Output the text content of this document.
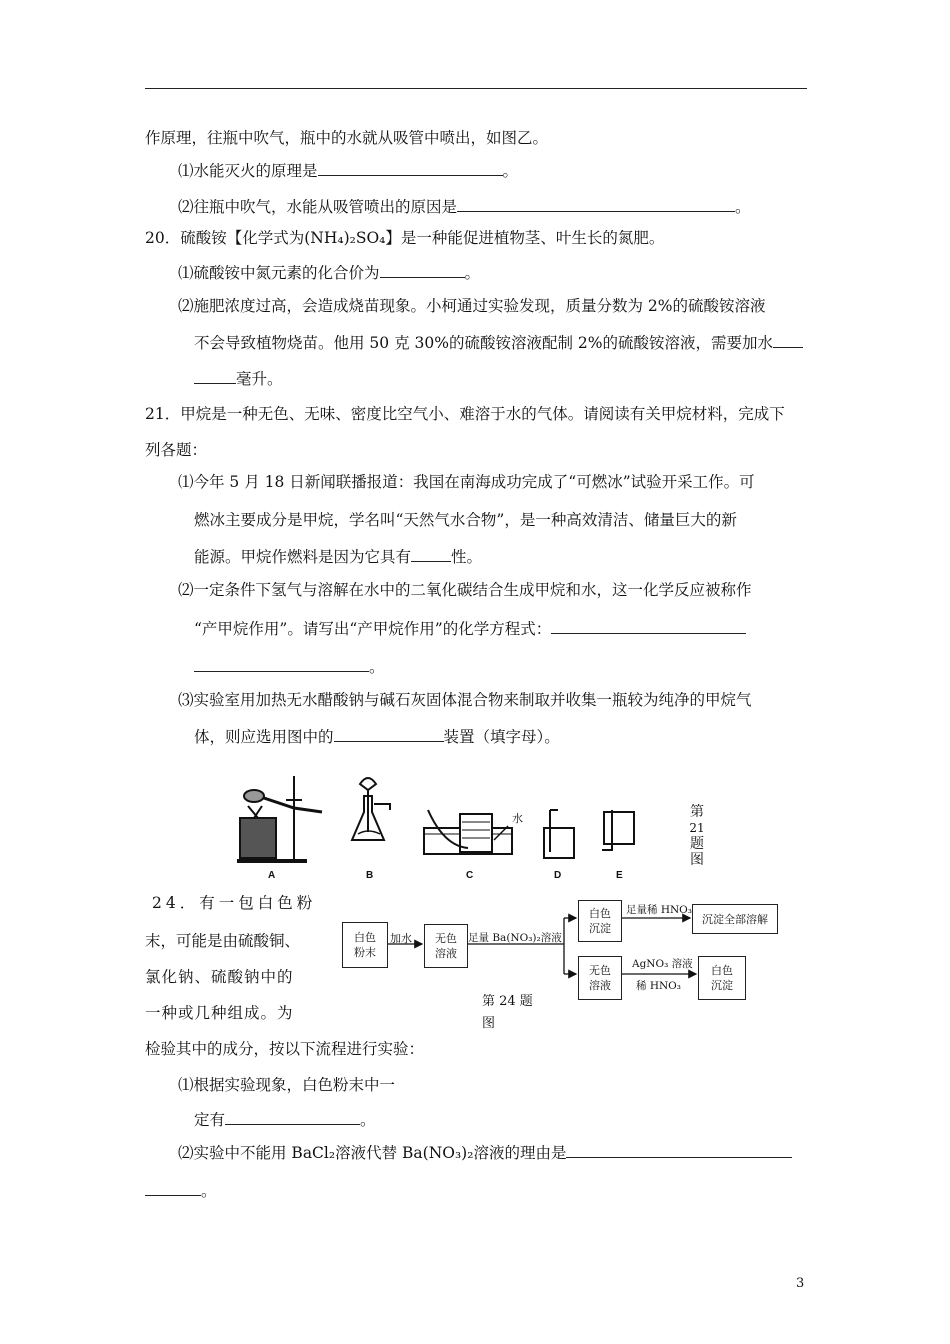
作原理，往瓶中吹气，瓶中的水就从吸管中喷出，如图乙。
⑴水能灭火的原理是	。
⑵往瓶中吹气，水能从吸管喷出的原因是	。
20．硫酸铵【化学式为(NH₄)₂SO₄】是一种能促进植物茎、叶生长的氮肥。
⑴硫酸铵中氮元素的化合价为	。
⑵施肥浓度过高，会造成烧苗现象。小柯通过实验发现，质量分数为 2%的硫酸铵溶液
不会导致植物烧苗。他用 50 克 30%的硫酸铵溶液配制 2%的硫酸铵溶液，需要加水
毫升。
21．甲烷是一种无色、无味、密度比空气小、难溶于水的气体。请阅读有关甲烷材料，完成下
列各题：
⑴今年 5 月 18 日新闻联播报道：我国在南海成功完成了“可燃冰”试验开采工作。可
燃冰主要成分是甲烷，学名叫“天然气水合物”，是一种高效清洁、储量巨大的新
能源。甲烷作燃料是因为它具有	性。
⑵一定条件下氢气与溶解在水中的二氧化碳结合生成甲烷和水，这一化学反应被称作
“产甲烷作用”。请写出“产甲烷作用”的化学方程式：
。
⑶实验室用加热无水醋酸钠与碱石灰固体混合物来制取并收集一瓶较为纯净的甲烷气
体，则应选用图中的	装置（填字母）。
A	B	C	D	E
水	第
21
题
图
24．有一包白色粉
末，可能是由硫酸铜、
氯化钠、硫酸钠中的
一种或几种组成。为
检验其中的成分，按以下流程进行实验：
白色
粉末
加水 无色
溶液
足量 Ba(NO₃)₂溶液
白色
沉淀
足量稀 HNO₃
沉淀全部溶解
无色
溶液
AgNO₃ 溶液
稀 HNO₃
白色
沉淀
第 24 题
图
⑴根据实验现象，白色粉末中一
定有	。
⑵实验中不能用 BaCl₂溶液代替 Ba(NO₃)₂溶液的理由是
。
3
